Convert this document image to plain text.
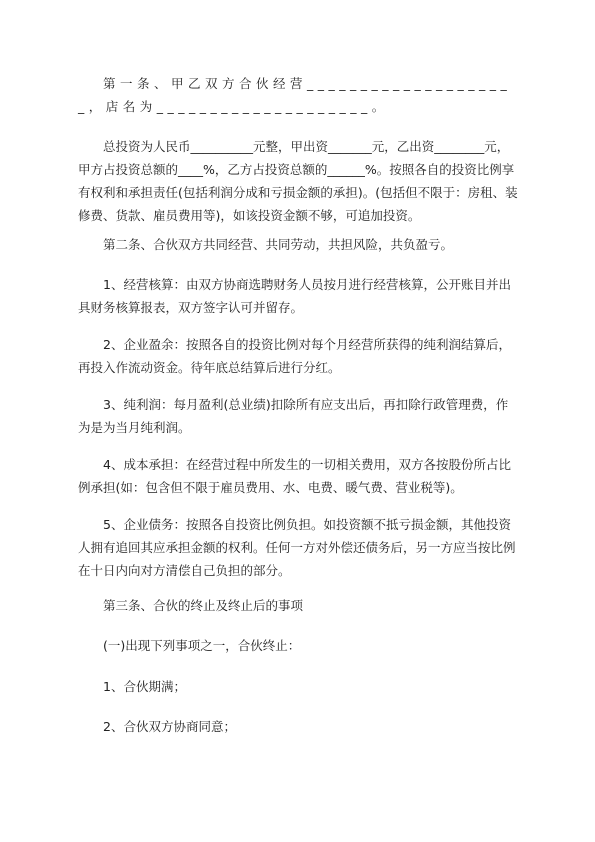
第一条、甲乙双方合伙经营____________________，店名为____________________。

总投资为人民币__________元整，甲出资_______元，乙出资________元，甲方占投资总额的____%，乙方占投资总额的______%。按照各自的投资比例享有权利和承担责任(包括利润分成和亏损金额的承担)。(包括但不限于：房租、装修费、货款、雇员费用等)，如该投资金额不够，可追加投资。

第二条、合伙双方共同经营、共同劳动，共担风险，共负盈亏。

1、经营核算：由双方协商选聘财务人员按月进行经营核算，公开账目并出具财务核算报表，双方签字认可并留存。

2、企业盈余：按照各自的投资比例对每个月经营所获得的纯利润结算后，再投入作流动资金。待年底总结算后进行分红。

3、纯利润：每月盈利(总业绩)扣除所有应支出后，再扣除行政管理费，作为是为当月纯利润。

4、成本承担：在经营过程中所发生的一切相关费用，双方各按股份所占比例承担(如：包含但不限于雇员费用、水、电费、暖气费、营业税等)。

5、企业债务：按照各自投资比例负担。如投资额不抵亏损金额，其他投资人拥有追回其应承担金额的权利。任何一方对外偿还债务后，另一方应当按比例在十日内向对方清偿自己负担的部分。

第三条、合伙的终止及终止后的事项

(一)出现下列事项之一，合伙终止：

1、合伙期满；

2、合伙双方协商同意；
